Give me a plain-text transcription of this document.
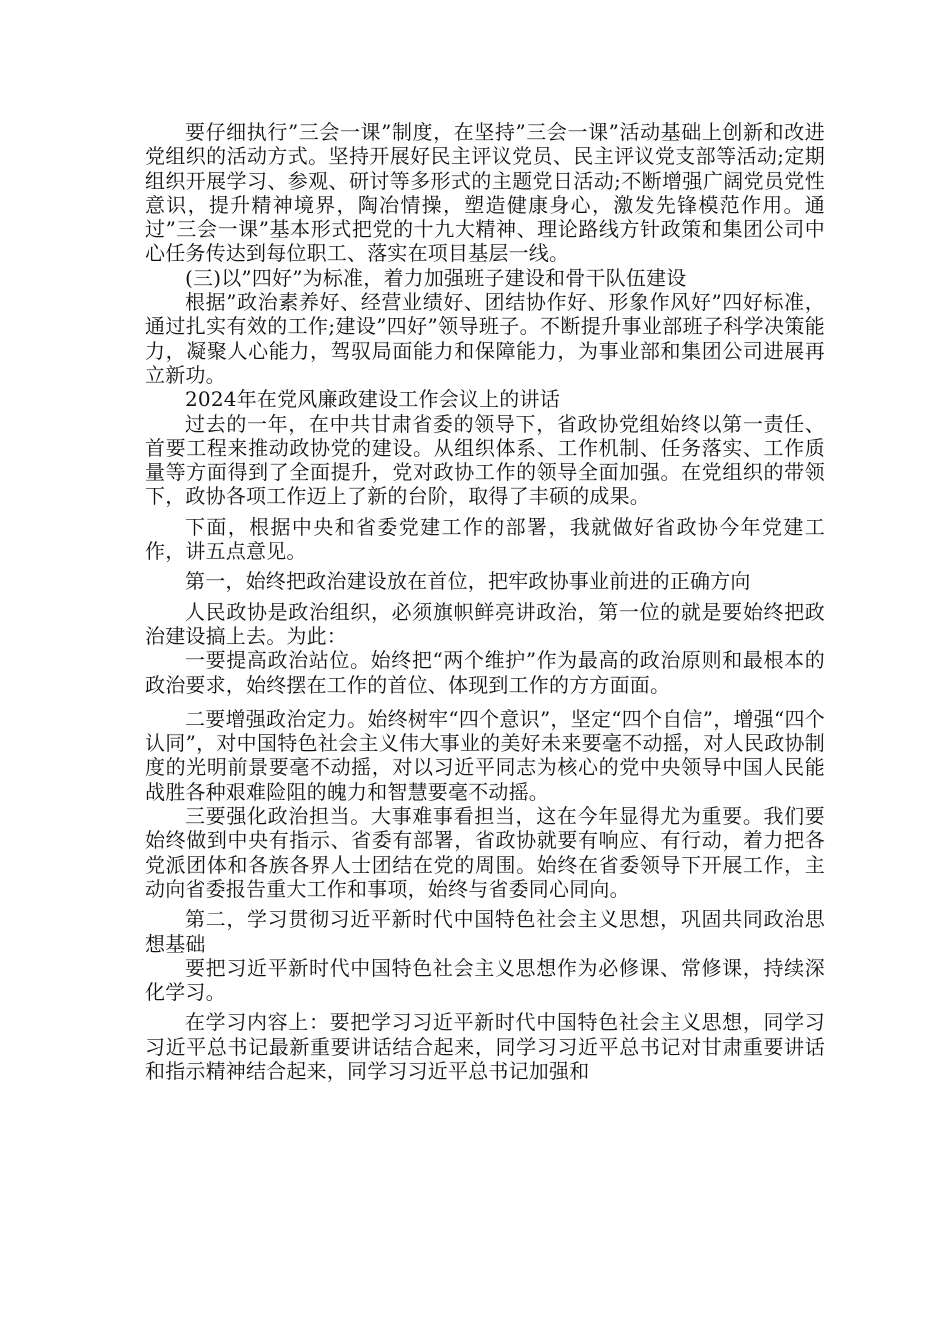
要仔细执行”三会一课”制度，在坚持”三会一课”活动基础上创新和改进党组织的活动方式。坚持开展好民主评议党员、民主评议党支部等活动;定期组织开展学习、参观、研讨等多形式的主题党日活动;不断增强广阔党员党性意识，提升精神境界，陶冶情操，塑造健康身心，激发先锋模范作用。通过”三会一课”基本形式把党的十九大精神、理论路线方针政策和集团公司中心任务传达到每位职工、落实在项目基层一线。

(三)以”四好”为标准，着力加强班子建设和骨干队伍建设

根据”政治素养好、经营业绩好、团结协作好、形象作风好”四好标准，通过扎实有效的工作;建设”四好”领导班子。不断提升事业部班子科学决策能力，凝聚人心能力，驾驭局面能力和保障能力，为事业部和集团公司进展再立新功。

2024年在党风廉政建设工作会议上的讲话

过去的一年，在中共甘肃省委的领导下，省政协党组始终以第一责任、首要工程来推动政协党的建设。从组织体系、工作机制、任务落实、工作质量等方面得到了全面提升，党对政协工作的领导全面加强。在党组织的带领下，政协各项工作迈上了新的台阶，取得了丰硕的成果。

下面，根据中央和省委党建工作的部署，我就做好省政协今年党建工作，讲五点意见。

第一，始终把政治建设放在首位，把牢政协事业前进的正确方向

人民政协是政治组织，必须旗帜鲜亮讲政治，第一位的就是要始终把政治建设搞上去。为此：

一要提高政治站位。始终把“两个维护”作为最高的政治原则和最根本的政治要求，始终摆在工作的首位、体现到工作的方方面面。

二要增强政治定力。始终树牢“四个意识”，坚定“四个自信”，增强“四个认同”，对中国特色社会主义伟大事业的美好未来要毫不动摇，对人民政协制度的光明前景要毫不动摇，对以习近平同志为核心的党中央领导中国人民能战胜各种艰难险阻的魄力和智慧要毫不动摇。

三要强化政治担当。大事难事看担当，这在今年显得尤为重要。我们要始终做到中央有指示、省委有部署，省政协就要有响应、有行动，着力把各党派团体和各族各界人士团结在党的周围。始终在省委领导下开展工作，主动向省委报告重大工作和事项，始终与省委同心同向。

第二，学习贯彻习近平新时代中国特色社会主义思想，巩固共同政治思想基础

要把习近平新时代中国特色社会主义思想作为必修课、常修课，持续深化学习。

在学习内容上：要把学习习近平新时代中国特色社会主义思想，同学习习近平总书记最新重要讲话结合起来，同学习习近平总书记对甘肃重要讲话和指示精神结合起来，同学习习近平总书记加强和
